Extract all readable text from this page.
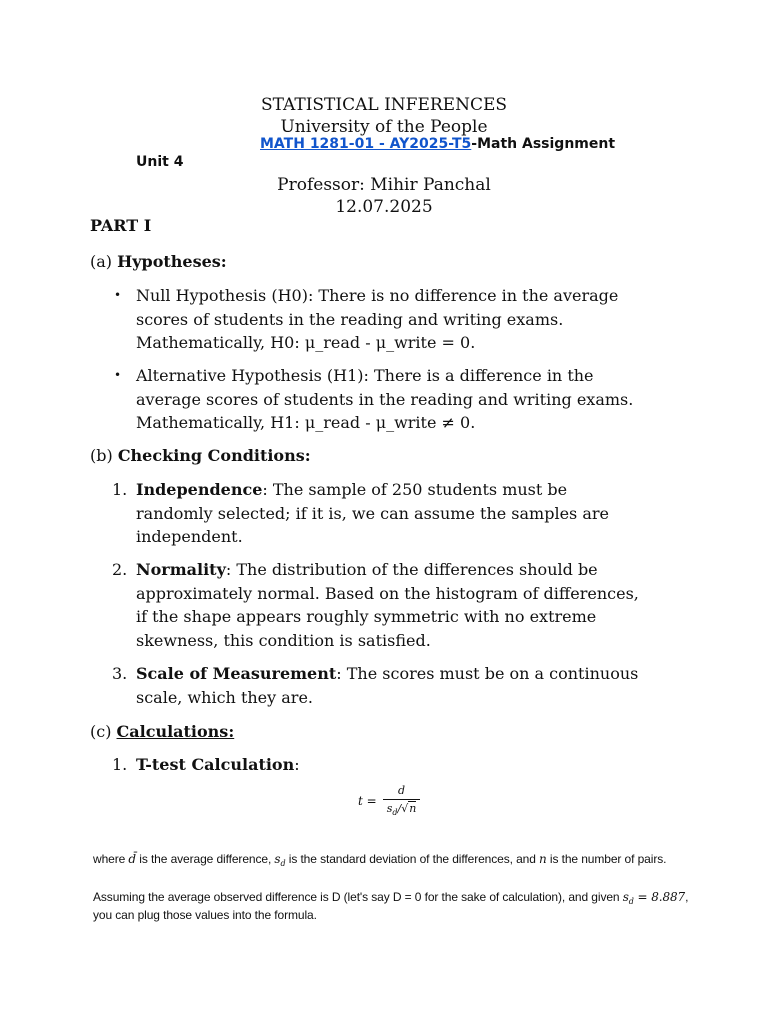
STATISTICAL INFERENCES
University of the People
MATH 1281-01 - AY2025-T5-Math Assignment
Unit 4
Professor: Mihir Panchal
12.07.2025
PART I
(a) Hypotheses:
• Null Hypothesis (H0): There is no difference in the average
scores of students in the reading and writing exams.
Mathematically, H0: μ_read - μ_write = 0.
• Alternative Hypothesis (H1): There is a difference in the
average scores of students in the reading and writing exams.
Mathematically, H1: μ_read - μ_write ≠ 0.
(b) Checking Conditions:
1. Independence: The sample of 250 students must be
randomly selected; if it is, we can assume the samples are
independent.
2. Normality: The distribution of the differences should be
approximately normal. Based on the histogram of differences,
if the shape appears roughly symmetric with no extreme
skewness, this condition is satisfied.
3. Scale of Measurement: The scores must be on a continuous
scale, which they are.
(c) Calculations:
1. T-test Calculation:
$t = \frac{d}{s_d/√n}$
where d̄ is the average difference, $s_d$ is the standard deviation of the differences, and n is the number of pairs.
Assuming the average observed difference is D (let's say D = 0 for the sake of calculation), and given $s_d = 8.887$,
you can plug those values into the formula.
